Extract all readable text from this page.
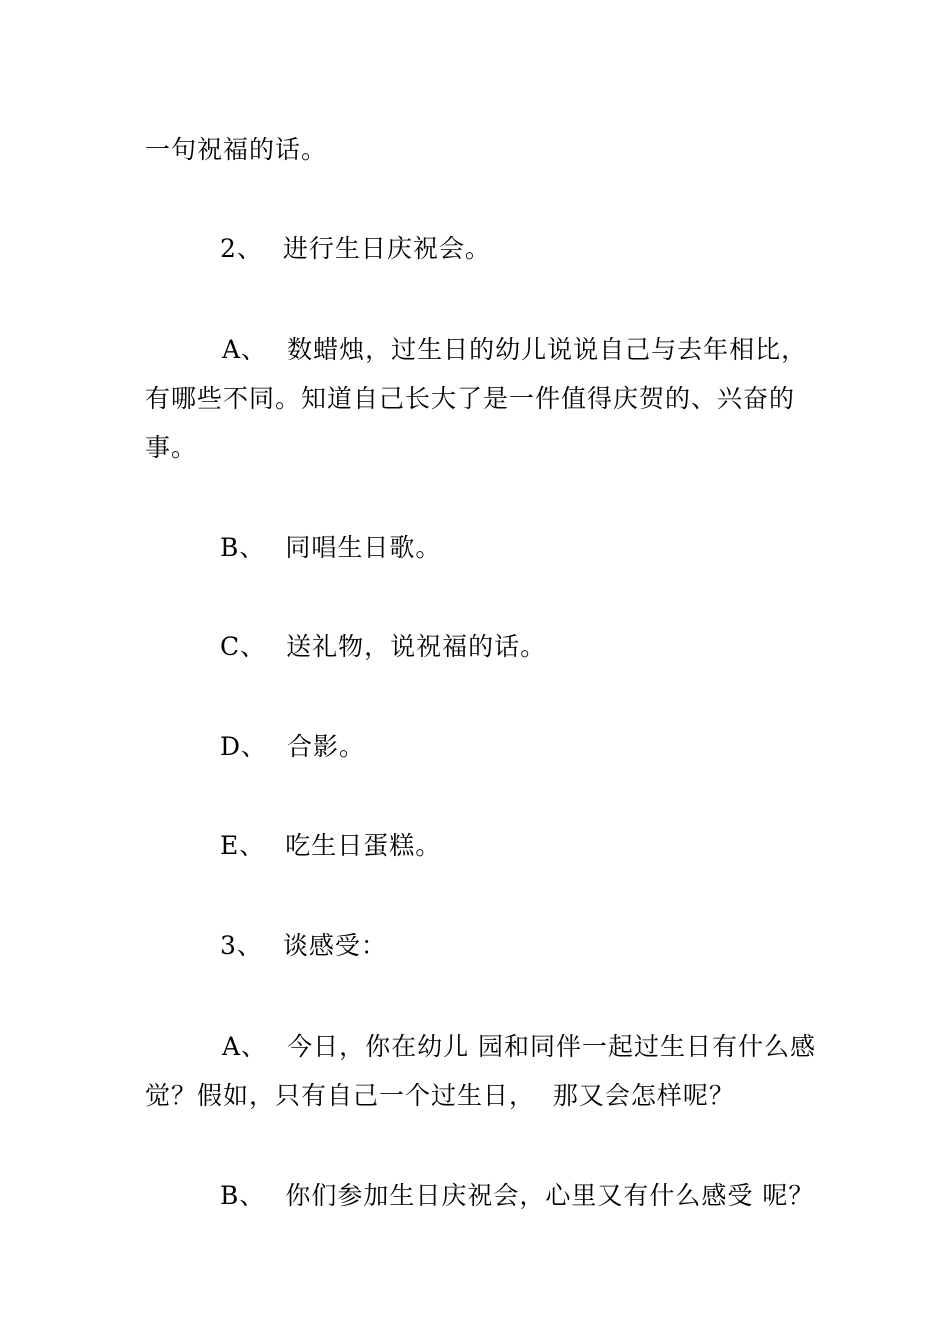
一句祝福的话。

2、 进行生日庆祝会。

A、 数蜡烛，过生日的幼儿说说自己与去年相比，

有哪些不同。知道自己长大了是一件值得庆贺的、兴奋的

事。

B、 同唱生日歌。

C、 送礼物，说祝福的话。

D、 合影。

E、 吃生日蛋糕。

3、 谈感受：

A、 今日，你在幼儿 园和同伴一起过生日有什么感

觉？假如，只有自己一个过生日，  那又会怎样呢？

B、 你们参加生日庆祝会，心里又有什么感受 呢？
